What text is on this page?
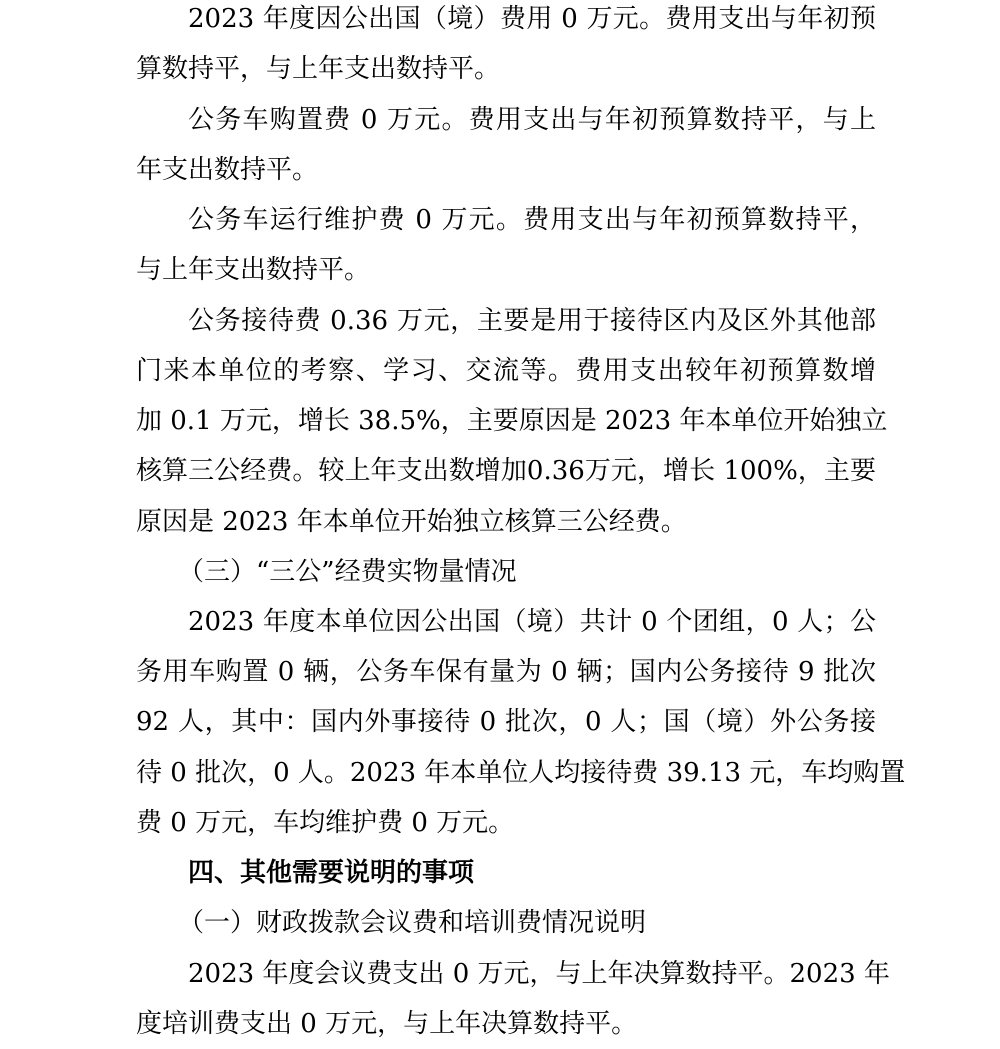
2023 年度因公出国（境）费用 0 万元。费用支出与年初预
算数持平，与上年支出数持平。
公务车购置费 0 万元。费用支出与年初预算数持平，与上
年支出数持平。
公务车运行维护费 0 万元。费用支出与年初预算数持平，
与上年支出数持平。
公务接待费 0.36 万元，主要是用于接待区内及区外其他部
门来本单位的考察、学习、交流等。费用支出较年初预算数增
加 0.1 万元，增长 38.5%，主要原因是 2023 年本单位开始独立
核算三公经费。较上年支出数增加0.36万元，增长 100%，主要
原因是 2023 年本单位开始独立核算三公经费。
（三）“三公”经费实物量情况
2023 年度本单位因公出国（境）共计 0 个团组，0 人；公
务用车购置 0 辆，公务车保有量为 0 辆；国内公务接待 9 批次
92 人，其中：国内外事接待 0 批次，0 人；国（境）外公务接
待 0 批次，0 人。2023 年本单位人均接待费 39.13 元，车均购置
费 0 万元，车均维护费 0 万元。
四、其他需要说明的事项
（一）财政拨款会议费和培训费情况说明
2023 年度会议费支出 0 万元，与上年决算数持平。2023 年
度培训费支出 0 万元，与上年决算数持平。
